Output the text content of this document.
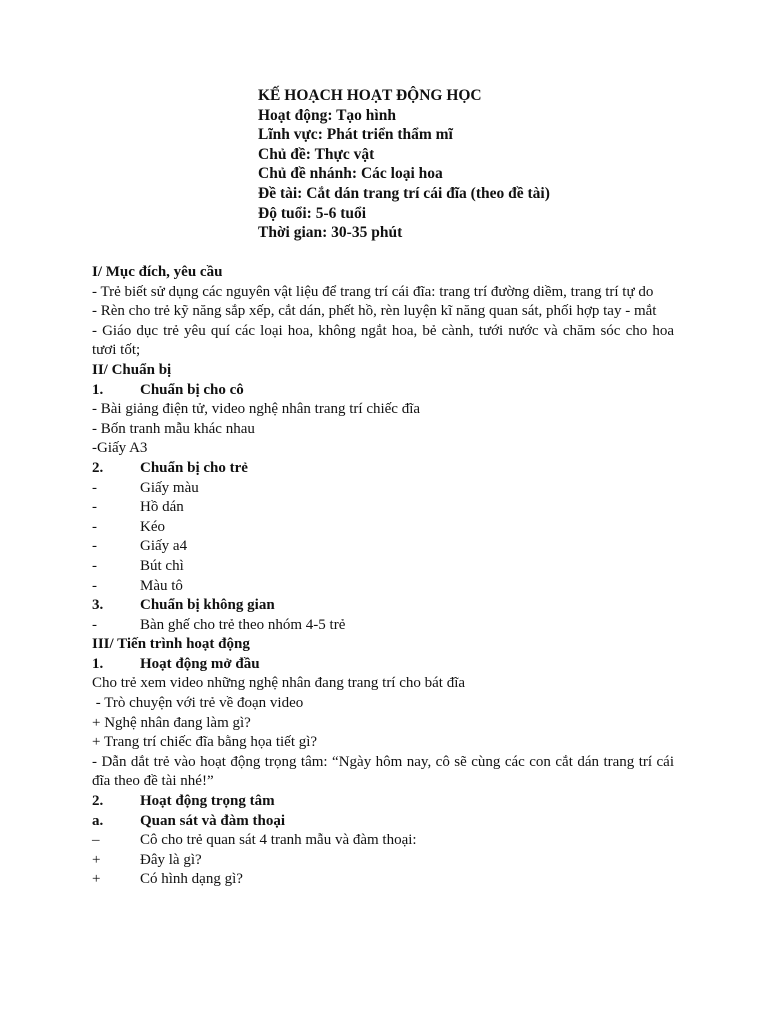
KẾ HOẠCH HOẠT ĐỘNG HỌC
Hoạt động: Tạo hình
Lĩnh vực: Phát triển thẩm mĩ
Chủ đề: Thực vật
Chủ đề nhánh: Các loại hoa
Đề tài: Cắt dán trang trí cái đĩa (theo đề tài)
Độ tuổi: 5-6 tuổi
Thời gian: 30-35 phút
I/ Mục đích, yêu cầu
- Trẻ biết sử dụng các nguyên vật liệu để trang trí cái đĩa: trang trí đường diềm, trang trí tự do
- Rèn cho trẻ kỹ năng sắp xếp, cắt dán, phết hồ, rèn luyện kĩ năng quan sát, phối hợp tay - mắt
- Giáo dục trẻ yêu quí các loại hoa, không ngắt hoa, bẻ cành, tưới nước và chăm sóc cho hoa tươi tốt;
II/ Chuẩn bị
1. Chuẩn bị cho cô
- Bài giảng điện tử, video nghệ nhân trang trí chiếc đĩa
- Bốn tranh mẫu khác nhau
-Giấy A3
2. Chuẩn bị cho trẻ
-	Giấy màu
-	Hồ dán
-	Kéo
-	Giấy a4
-	Bút chì
-	Màu tô
3. Chuẩn bị không gian
-	Bàn ghế cho trẻ theo nhóm 4-5 trẻ
III/ Tiến trình hoạt động
1. Hoạt động mở đầu
Cho trẻ xem video những nghệ nhân đang trang trí cho bát đĩa
- Trò chuyện với trẻ về đoạn video
+ Nghệ nhân đang làm gì?
+ Trang trí chiếc đĩa bằng họa tiết gì?
- Dẫn dắt trẻ vào hoạt động trọng tâm: “Ngày hôm nay, cô sẽ cùng các con cắt dán trang trí cái đĩa theo đề tài nhé!”
2. Hoạt động trọng tâm
a. Quan sát và đàm thoại
–	Cô cho trẻ quan sát 4 tranh mẫu và đàm thoại:
+	Đây là gì?
+	Có hình dạng gì?
